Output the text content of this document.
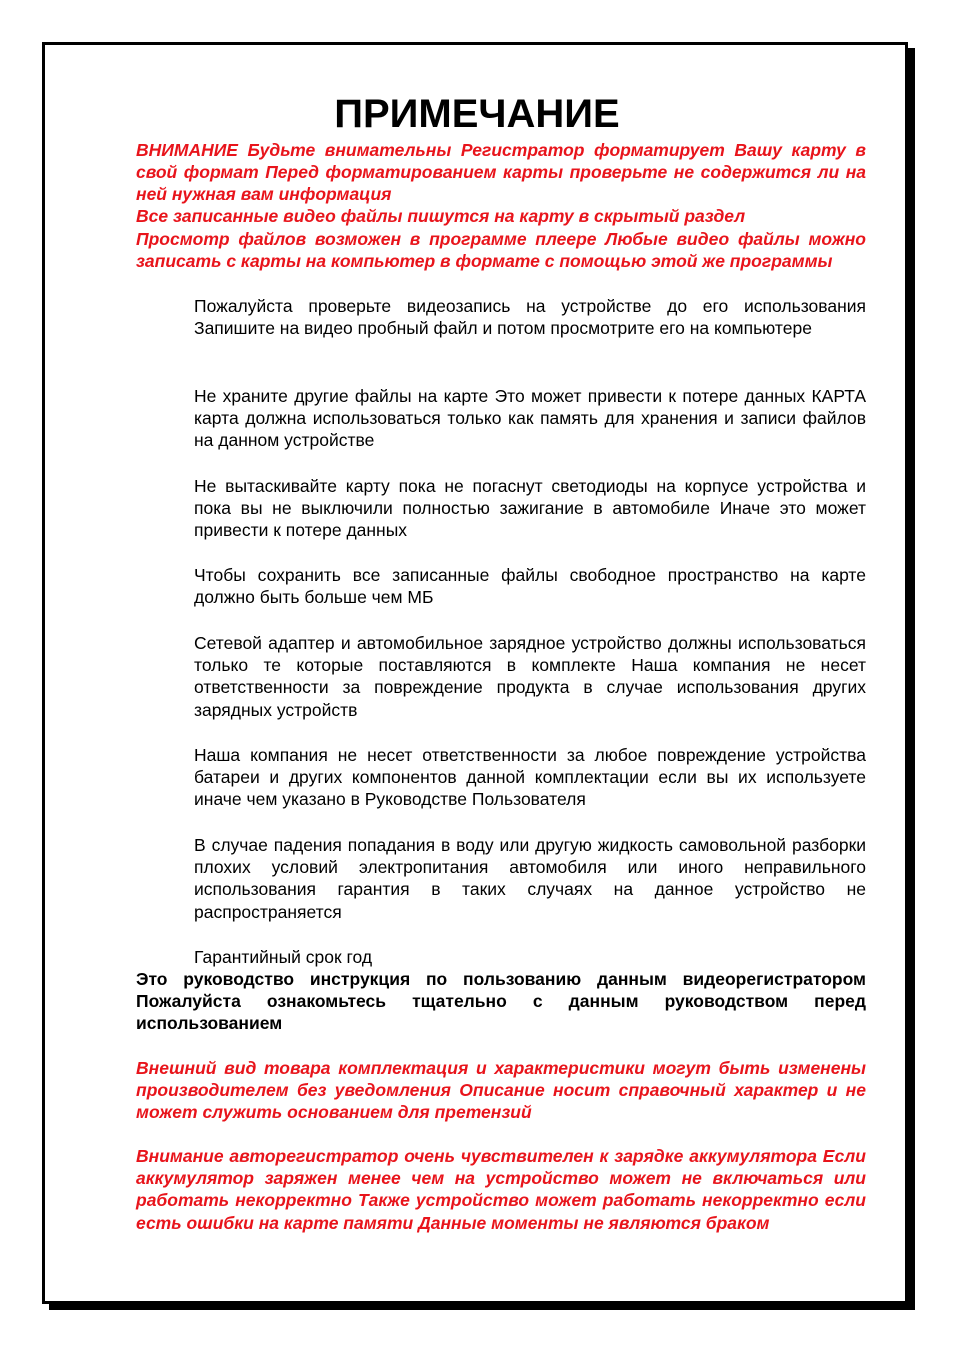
ПРИМЕЧАНИЕ

ВНИМАНИЕ Будьте внимательны Регистратор форматирует Вашу карту в свой формат Перед форматированием карты проверьте не содержится ли на ней нужная вам информация

Все записанные видео файлы пишутся на карту в скрытый раздел

Просмотр файлов возможен в программе плеере Любые видео файлы можно записать с карты на компьютер в формате с помощью этой же программы

Пожалуйста проверьте видеозапись на устройстве до его использования Запишите на видео пробный файл и потом просмотрите его на компьютере

Не храните другие файлы на карте Это может привести к потере данных КАРТА карта должна использоваться только как память для хранения и записи файлов на данном устройстве

Не вытаскивайте карту пока не погаснут светодиоды на корпусе устройства и пока вы не выключили полностью зажигание в автомобиле Иначе это может привести к потере данных

Чтобы сохранить все записанные файлы свободное пространство на карте должно быть больше чем МБ

Сетевой адаптер и автомобильное зарядное устройство должны использоваться только те которые поставляются в комплекте Наша компания не несет ответственности за повреждение продукта в случае использования других зарядных устройств

Наша компания не несет ответственности за любое повреждение устройства батареи и других компонентов данной комплектации если вы их используете иначе чем указано в Руководстве Пользователя

В случае падения попадания в воду или другую жидкость самовольной разборки плохих условий электропитания автомобиля или иного неправильного использования гарантия в таких случаях на данное устройство не распространяется

Гарантийный срок год

Это руководство инструкция по пользованию данным видеорегистратором Пожалуйста ознакомьтесь тщательно с данным руководством перед использованием

Внешний вид товара комплектация и характеристики могут быть изменены производителем без уведомления Описание носит справочный характер и не может служить основанием для претензий

Внимание авторегистратор очень чувствителен к зарядке аккумулятора Если аккумулятор заряжен менее чем на устройство может не включаться или работать некорректно Также устройство может работать некорректно если есть ошибки на карте памяти Данные моменты не являются браком
